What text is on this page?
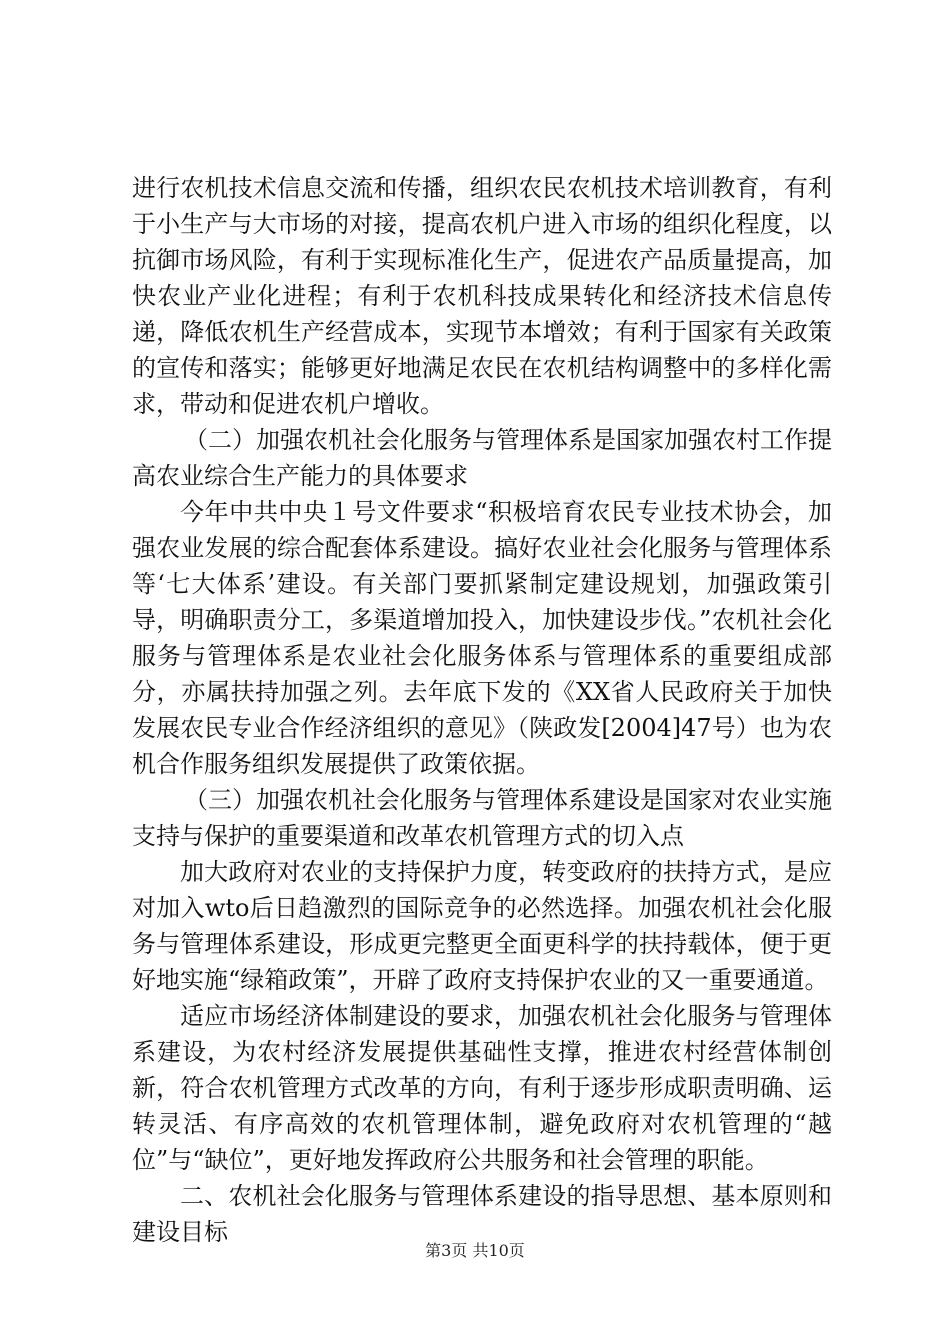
进行农机技术信息交流和传播，组织农民农机技术培训教育，有利于小生产与大市场的对接，提高农机户进入市场的组织化程度，以抗御市场风险，有利于实现标准化生产，促进农产品质量提高，加快农业产业化进程；有利于农机科技成果转化和经济技术信息传递，降低农机生产经营成本，实现节本增效；有利于国家有关政策的宣传和落实；能够更好地满足农民在农机结构调整中的多样化需求，带动和促进农机户增收。

（二）加强农机社会化服务与管理体系是国家加强农村工作提高农业综合生产能力的具体要求

今年中共中央１号文件要求“积极培育农民专业技术协会，加强农业发展的综合配套体系建设。搞好农业社会化服务与管理体系等‘七大体系’建设。有关部门要抓紧制定建设规划，加强政策引导，明确职责分工，多渠道增加投入，加快建设步伐。”农机社会化服务与管理体系是农业社会化服务体系与管理体系的重要组成部分，亦属扶持加强之列。去年底下发的《XX省人民政府关于加快发展农民专业合作经济组织的意见》（陕政发[2004]47号）也为农机合作服务组织发展提供了政策依据。

（三）加强农机社会化服务与管理体系建设是国家对农业实施支持与保护的重要渠道和改革农机管理方式的切入点

加大政府对农业的支持保护力度，转变政府的扶持方式，是应对加入wto后日趋激烈的国际竞争的必然选择。加强农机社会化服务与管理体系建设，形成更完整更全面更科学的扶持载体，便于更好地实施“绿箱政策”，开辟了政府支持保护农业的又一重要通道。

适应市场经济体制建设的要求，加强农机社会化服务与管理体系建设，为农村经济发展提供基础性支撑，推进农村经营体制创新，符合农机管理方式改革的方向，有利于逐步形成职责明确、运转灵活、有序高效的农机管理体制，避免政府对农机管理的“越位”与“缺位”，更好地发挥政府公共服务和社会管理的职能。

二、农机社会化服务与管理体系建设的指导思想、基本原则和建设目标

第3页 共10页
